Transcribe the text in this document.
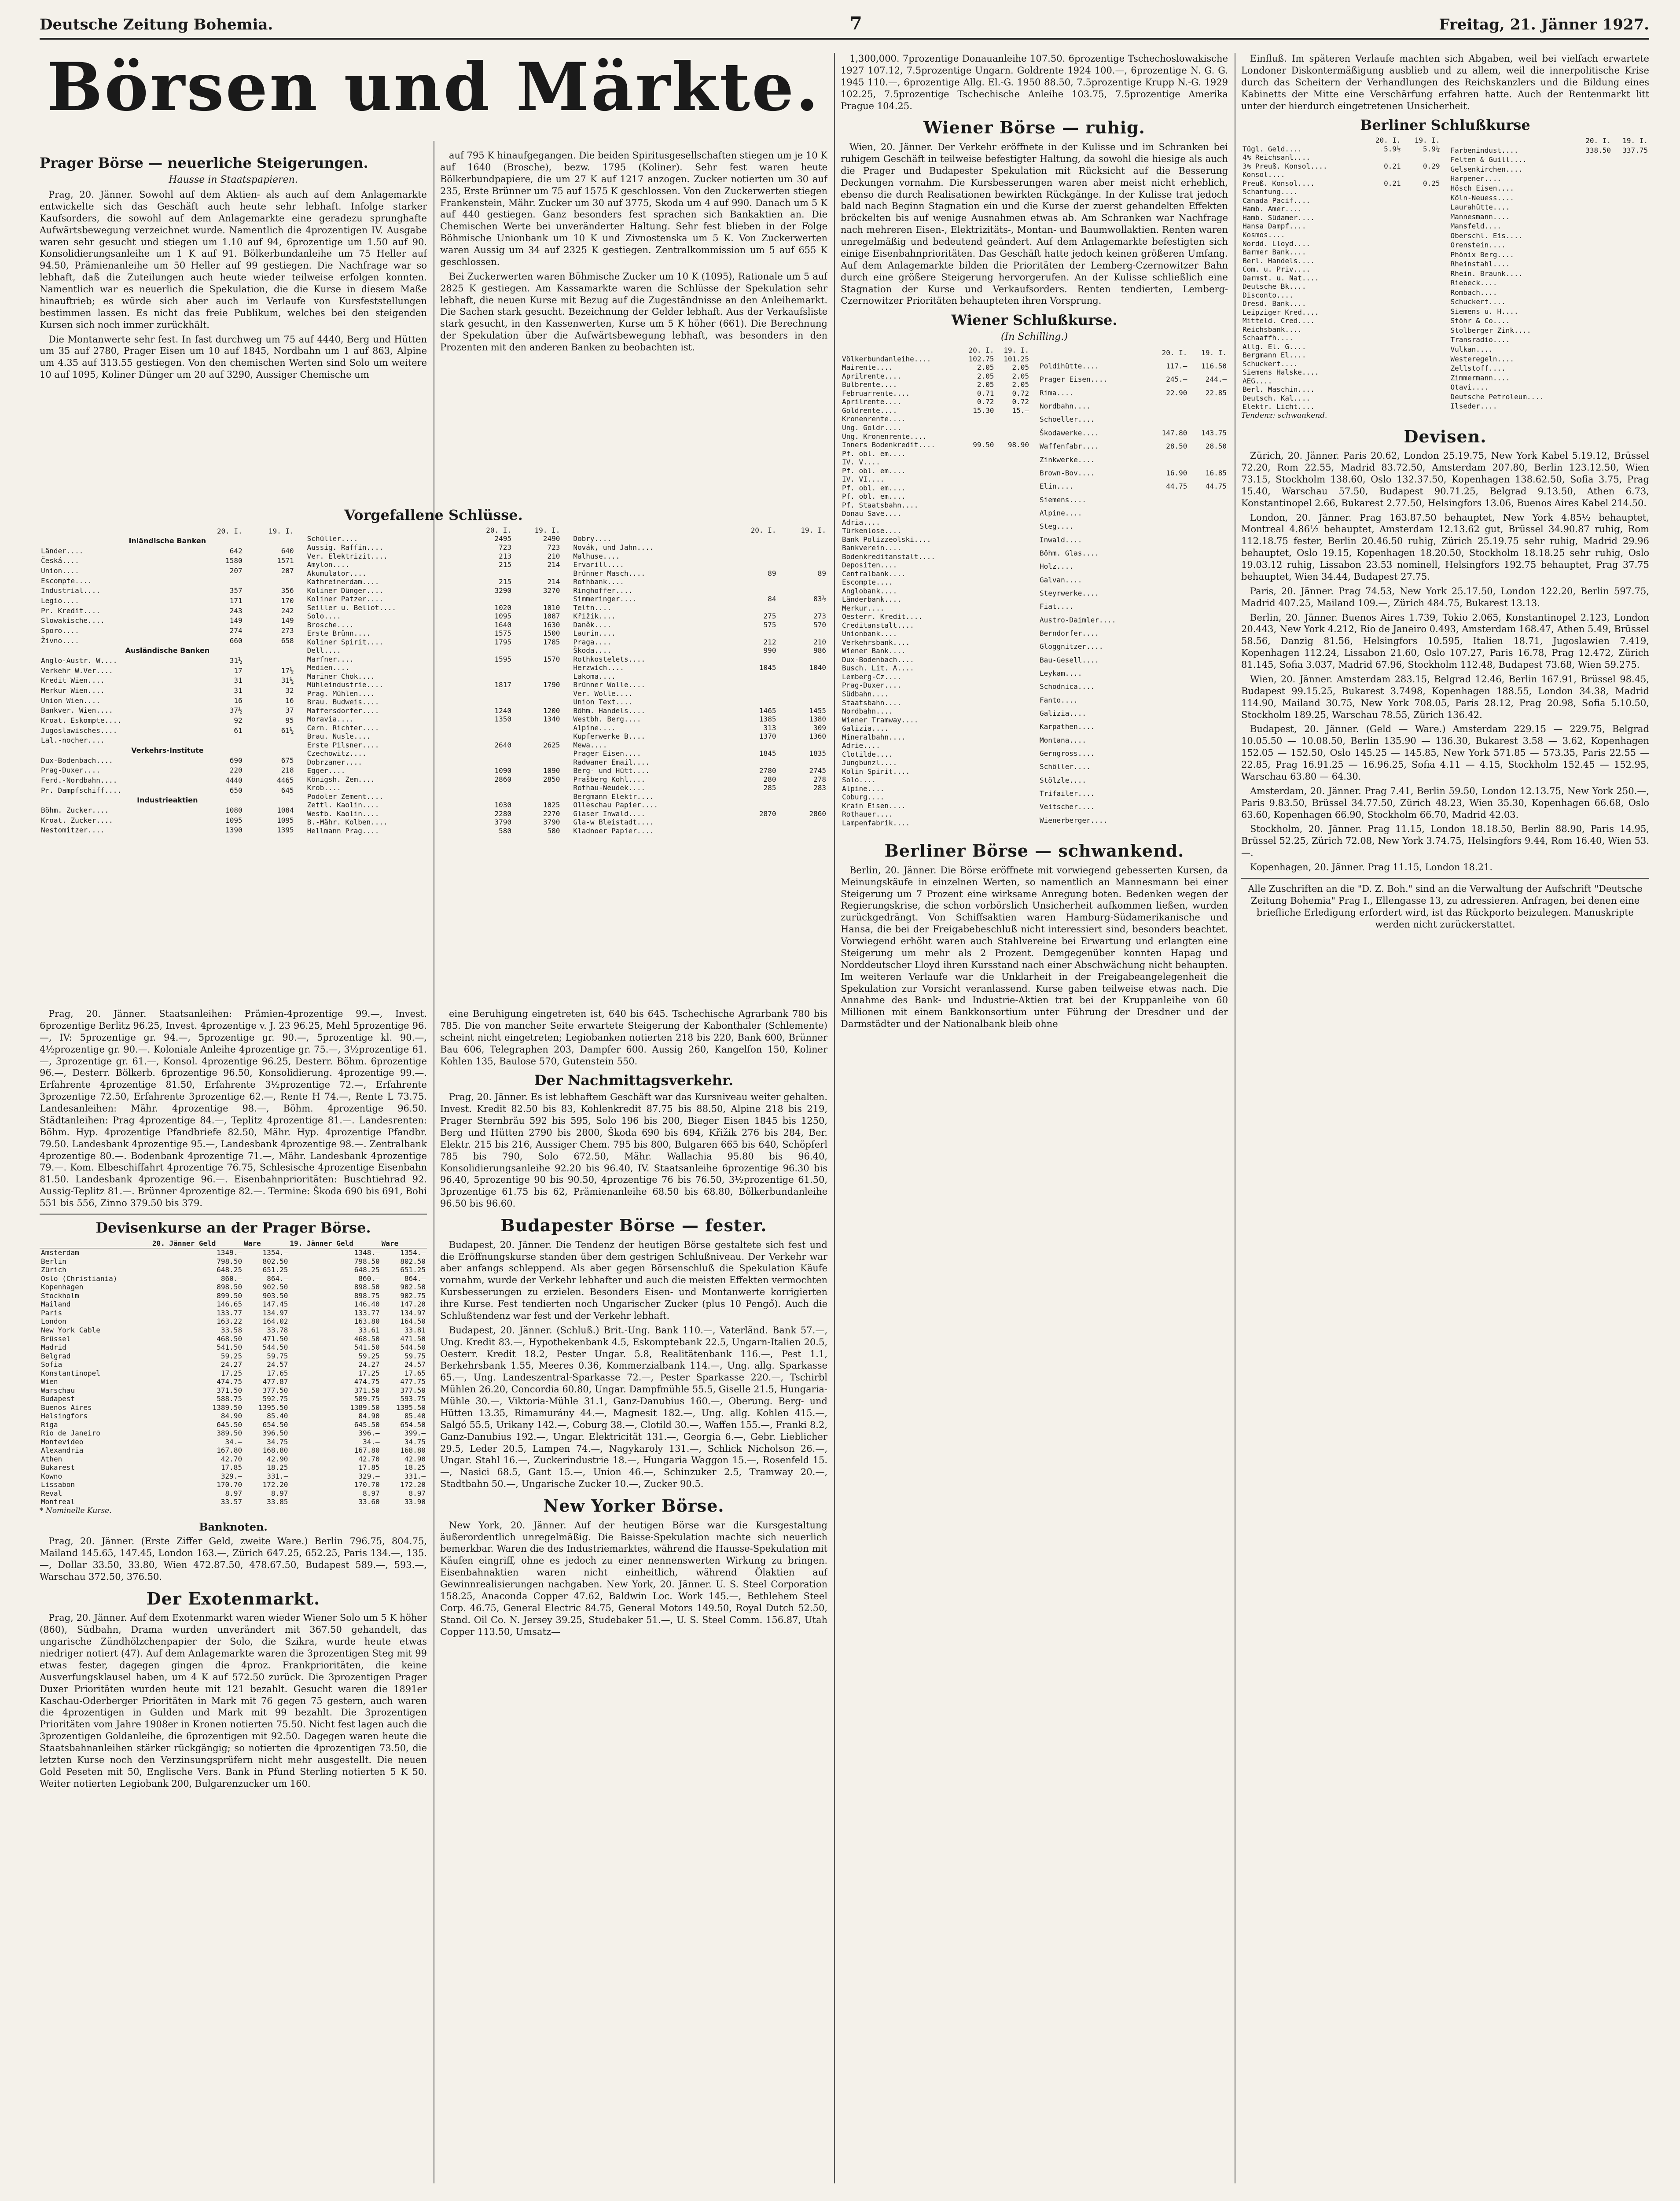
Deutsche Zeitung Bohemia.	7	Freitag, 21. Jänner 1927.
Börsen und Märkte.
Prager Börse — neuerliche Steigerungen.
Hausse in Staatspapieren.

Prag, 20. Jänner. Sowohl auf dem Aktien- als auch auf dem Anlagemarkte entwickelte sich das Geschäft auch heute sehr lebhaft. Infolge starker Kaufsorders, die sowohl auf dem Anlagemarkte eine geradezu sprunghafte Aufwärtsbewegung verzeichnet wurde. Namentlich die 4prozentigen IV. Ausgabe waren sehr gesucht und stiegen um 1.10 auf 94, 6prozentige um 1.50 auf 90. Konsolidierungsanleihe um 1 K auf 91. Bölkerbundanleihe um 75 Heller auf 94.50, Prämienanleihe um 50 Heller auf 99 gestiegen. Die Nachfrage war so lebhaft, daß die Zuteilungen auch heute wieder teilweise erfolgen konnten. Namentlich war es neuerlich die Spekulation, die die Kurse in diesem Maße hinauftrieb; es würde sich aber auch im Verlaufe von Kursfeststellungen bestimmen lassen. Es nicht das freie Publikum, welches bei den steigenden Kursen sich noch immer zurückhält.

Die Montanwerte sehr fest. In fast durchweg um 75 auf 4440, Berg und Hütten um 35 auf 2780, Prager Eisen um 10 auf 1845, Nordbahn um 1 auf 863, Alpine um 4.35 auf 313.55 gestiegen. Von den chemischen Werten sind Solo um weitere 10 auf 1095, Koliner Dünger um 20 auf 3290, Aussiger Chemische um

auf 795 K hinaufgegangen. Die beiden Spiritusgesellschaften stiegen um je 10 K auf 1640 (Brosche), bezw. 1795 (Koliner). Sehr fest waren heute Bölkerbundpapiere, die um 27 K auf 1217 anzogen. Zucker notierten um 30 auf 235, Erste Brünner um 75 auf 1575 K geschlossen. Von den Zuckerwerten stiegen Frankenstein, Mähr. Zucker um 30 auf 3775, Skoda um 4 auf 990. Danach um 5 K auf 440 gestiegen. Ganz besonders fest sprachen sich Bankaktien an. Die Chemischen Werte bei unveränderter Haltung. Sehr fest blieben in der Folge Böhmische Unionbank um 10 K und Zivnostenska um 5 K. Von Zuckerwerten waren Aussig um 34 auf 2325 K gestiegen. Zentralkommission um 5 auf 655 K geschlossen.

Bei Zuckerwerten waren Böhmische Zucker um 10 K (1095), Rationale um 5 auf 2825 K gestiegen. Am Kassamarkte waren die Schlüsse der Spekulation sehr lebhaft, die neuen Kurse mit Bezug auf die Zugeständnisse an den Anleihemarkt. Die Sachen stark gesucht. Bezeichnung der Gelder lebhaft. Aus der Verkaufsliste stark gesucht, in den Kassenwerten, Kurse um 5 K höher (661). Die Berechnung der Spekulation über die Aufwärtsbewegung lebhaft, was besonders in den Prozenten mit den anderen Banken zu beobachten ist.

Vorgefallene Schlüsse.
	20. I.	19. I.
Inländische Banken		
Länder....	642	640
Česká....	1580	1571
Union....	207	207
Escompte....		
Industrial....	357	356
Legio....	171	170
Pr. Kredit....	243	242
Slowakische....	149	149
Sporo....	274	273
Živno....	660	658
Ausländische Banken		
Anglo-Austr. W....	31½	
Verkehr W.Ver....	17	17½
Kredit Wien....	31	31½
Merkur Wien....	31	32
Union Wien....	16	16
Bankver. Wien....	37½	37
Kroat. Eskompte....	92	95
Jugoslawisches....	61	61½
Lal.-nocher....		
Verkehrs-Institute		
Dux-Bodenbach....	690	675
Prag-Duxer....	220	218
Ferd.-Nordbahn....	4440	4465
Pr. Dampfschiff....	650	645
Industrieaktien		
Böhm. Zucker....	1080	1084
Kroat. Zucker....	1095	1095
Nestomitzer....	1390	1395
	20. I.	19. I.
Schüller....	2495	2490
Aussig. Raffin....	723	723
Ver. Elektrizit....	213	210
Amylon....	215	214
Akumulator....		
Kathreinerdam....	215	214
Koliner Dünger....	3290	3270
Koliner Patzer....		
Seiller u. Bellot....	1020	1010
Solo....	1095	1087
Brosche....	1640	1630
Erste Brünn....	1575	1500
Koliner Spirit....	1795	1785
Dell....		
Marfner....	1595	1570
Medien....		
Mariner Chok....		
Mühleindustrie....	1817	1790
Prag. Mühlen....		
Brau. Budweis....		
Maffersdorfer....	1240	1200
Moravia....	1350	1340
Cern. Richter....		
Brau. Nusle....		
Erste Pilsner....	2640	2625
Czechowitz....		
Dobrzaner....		
Egger....	1090	1090
Königsh. Zem....	2860	2850
Krob....		
Podoler Zement....		
Zettl. Kaolin....	1030	1025
Westb. Kaolin....	2280	2270
B.-Mähr. Kolben....	3790	3790
Hellmann Prag....	580	580
	20. I.	19. I.
Dobry....		
Novák, und Jahn....		
Malhuse....		
Ervarill....		
Brünner Masch....	89	89
Rothbank....		
Ringhoffer....		
Simmeringer....	84	83½
Teltn....		
Křižik....	275	273
Daněk....	575	570
Laurin....		
Praga....	212	210
Škoda....	990	986
Rothkostelets....		
Herzwich....	1045	1040
Lakoma....		
Brünner Wolle....		
Ver. Wolle....		
Union Text....		
Böhm. Handels....	1465	1455
Westbh. Berg....	1385	1380
Alpine....	313	309
Kupferwerke B....	1370	1360
Mewa....		
Prager Eisen....	1845	1835
Radwaner Email....		
Berg- und Hütt....	2780	2745
Prašberg Kohl....	280	278
Rothau-Neudek....	285	283
Bergmann Elektr....		
Olleschau Papier....		
Glaser Inwald....	2870	2860
Gla-w Bleistadt....		
Kladnoer Papier....		

Prag, 20. Jänner. Staatsanleihen: Prämien-4prozentige 99.—, Invest. 6prozentige Berlitz 96.25, Invest. 4prozentige v. J. 23 96.25, Mehl 5prozentige 96.—, IV: 5prozentige gr. 94.—, 5prozentige gr. 90.—, 5prozentige kl. 90.—, 4½prozentige gr. 90.—. Koloniale Anleihe 4prozentige gr. 75.—, 3½prozentige 61.—, 3prozentige gr. 61.—, Konsol. 4prozentige 96.25, Desterr. Böhm. 6prozentige 96.—, Desterr. Bölkerb. 6prozentige 96.50, Konsolidierung. 4prozentige 99.—. Erfahrente 4prozentige 81.50, Erfahrente 3½prozentige 72.—, Erfahrente 3prozentige 72.50, Erfahrente 3prozentige 62.—, Rente H 74.—, Rente L 73.75. Landesanleihen: Mähr. 4prozentige 98.—, Böhm. 4prozentige 96.50. Städtanleihen: Prag 4prozentige 84.—, Teplitz 4prozentige 81.—. Landesrenten: Böhm. Hyp. 4prozentige Pfandbriefe 82.50, Mähr. Hyp. 4prozentige Pfandbr. 79.50. Landesbank 4prozentige 95.—, Landesbank 4prozentige 98.—. Zentralbank 4prozentige 80.—. Bodenbank 4prozentige 71.—, Mähr. Landesbank 4prozentige 79.—. Kom. Elbeschiffahrt 4prozentige 76.75, Schlesische 4prozentige Eisenbahn 81.50. Landesbank 4prozentige 96.—. Eisenbahnprioritäten: Buschtiehrad 92. Aussig-Teplitz 81.—. Brünner 4prozentige 82.—. Termine: Škoda 690 bis 691, Bohi 551 bis 556, Zinno 379.50 bis 379.

Devisenkurse an der Prager Börse.
	20. Jänner Geld	Ware	19. Jänner Geld	Ware
Amsterdam	1349.—	1354.—	1348.—	1354.—
Berlin	798.50	802.50	798.50	802.50
Zürich	648.25	651.25	648.25	651.25
Oslo (Christiania)	860.—	864.—	860.—	864.—
Kopenhagen	898.50	902.50	898.50	902.50
Stockholm	899.50	903.50	898.75	902.75
Mailand	146.65	147.45	146.40	147.20
Paris	133.77	134.97	133.77	134.97
London	163.22	164.02	163.80	164.50
New York Cable	33.58	33.78	33.61	33.81
Brüssel	468.50	471.50	468.50	471.50
Madrid	541.50	544.50	541.50	544.50
Belgrad	59.25	59.75	59.25	59.75
Sofia	24.27	24.57	24.27	24.57
Konstantinopel	17.25	17.65	17.25	17.65
Wien	474.75	477.87	474.75	477.75
Warschau	371.50	377.50	371.50	377.50
Budapest	588.75	592.75	589.75	593.75
Buenos Aires	1389.50	1395.50	1389.50	1395.50
Helsingfors	84.90	85.40	84.90	85.40
Riga	645.50	654.50	645.50	654.50
Rio de Janeiro	389.50	396.50	396.—	399.—
Montevideo	34.—	34.75	34.—	34.75
Alexandria	167.80	168.80	167.80	168.80
Athen	42.70	42.90	42.70	42.90
Bukarest	17.85	18.25	17.85	18.25
Kowno	329.—	331.—	329.—	331.—
Lissabon	170.70	172.20	170.70	172.20
Reval	8.97	8.97	8.97	8.97
Montreal	33.57	33.85	33.60	33.90
* Nominelle Kurse.
Banknoten.

Prag, 20. Jänner. (Erste Ziffer Geld, zweite Ware.) Berlin 796.75, 804.75, Mailand 145.65, 147.45, London 163.—, Zürich 647.25, 652.25, Paris 134.—, 135.—, Dollar 33.50, 33.80, Wien 472.87.50, 478.67.50, Budapest 589.—, 593.—, Warschau 372.50, 376.50.

Der Exotenmarkt.

Prag, 20. Jänner. Auf dem Exotenmarkt waren wieder Wiener Solo um 5 K höher (860), Südbahn, Drama wurden unverändert mit 367.50 gehandelt, das ungarische Zündhölzchenpapier der Solo, die Szikra, wurde heute etwas niedriger notiert (47). Auf dem Anlagemarkte waren die 3prozentigen Steg mit 99 etwas fester, dagegen gingen die 4proz. Frankprioritäten, die keine Ausverfungsklausel haben, um 4 K auf 572.50 zurück. Die 3prozentigen Prager Duxer Prioritäten wurden heute mit 121 bezahlt. Gesucht waren die 1891er Kaschau-Oderberger Prioritäten in Mark mit 76 gegen 75 gestern, auch waren die 4prozentigen in Gulden und Mark mit 99 bezahlt. Die 3prozentigen Prioritäten vom Jahre 1908er in Kronen notierten 75.50. Nicht fest lagen auch die 3prozentigen Goldanleihe, die 6prozentigen mit 92.50. Dagegen waren heute die Staatsbahnanleihen stärker rückgängig; so notierten die 4prozentigen 73.50, die letzten Kurse noch den Verzinsungsprüfern nicht mehr ausgestellt. Die neuen Gold Peseten mit 50, Englische Vers. Bank in Pfund Sterling notierten 5 K 50. Weiter notierten Legiobank 200, Bulgarenzucker um 160.

eine Beruhigung eingetreten ist, 640 bis 645. Tschechische Agrarbank 780 bis 785. Die von mancher Seite erwartete Steigerung der Kabonthaler (Schlemente) scheint nicht eingetreten; Legiobanken notierten 218 bis 220, Bank 600, Brünner Bau 606, Telegraphen 203, Dampfer 600. Aussig 260, Kangelfon 150, Koliner Kohlen 135, Baulose 570, Gutenstein 550.

Der Nachmittagsverkehr.

Prag, 20. Jänner. Es ist lebhaftem Geschäft war das Kursniveau weiter gehalten. Invest. Kredit 82.50 bis 83, Kohlenkredit 87.75 bis 88.50, Alpine 218 bis 219, Prager Sternbräu 592 bis 595, Solo 196 bis 200, Bieger Eisen 1845 bis 1250, Berg und Hütten 2790 bis 2800, Škoda 690 bis 694, Křižik 276 bis 284, Ber. Elektr. 215 bis 216, Aussiger Chem. 795 bis 800, Bulgaren 665 bis 640, Schöpferl 785 bis 790, Solo 672.50, Mähr. Wallachia 95.80 bis 96.40, Konsolidierungsanleihe 92.20 bis 96.40, IV. Staatsanleihe 6prozentige 96.30 bis 96.40, 5prozentige 90 bis 90.50, 4prozentige 76 bis 76.50, 3½prozentige 61.50, 3prozentige 61.75 bis 62, Prämienanleihe 68.50 bis 68.80, Bölkerbundanleihe 96.50 bis 96.60.

Budapester Börse — fester.

Budapest, 20. Jänner. Die Tendenz der heutigen Börse gestaltete sich fest und die Eröffnungskurse standen über dem gestrigen Schlußniveau. Der Verkehr war aber anfangs schleppend. Als aber gegen Börsenschluß die Spekulation Käufe vornahm, wurde der Verkehr lebhafter und auch die meisten Effekten vermochten Kursbesserungen zu erzielen. Besonders Eisen- und Montanwerte korrigierten ihre Kurse. Fest tendierten noch Ungarischer Zucker (plus 10 Pengő). Auch die Schlußtendenz war fest und der Verkehr lebhaft.

Budapest, 20. Jänner. (Schluß.) Brit.-Ung. Bank 110.—, Vaterländ. Bank 57.—, Ung. Kredit 83.—, Hypothekenbank 4.5, Eskomptebank 22.5, Ungarn-Italien 20.5, Oesterr. Kredit 18.2, Pester Ungar. 5.8, Realitätenbank 116.—, Pest 1.1, Berkehrsbank 1.55, Meeres 0.36, Kommerzialbank 114.—, Ung. allg. Sparkasse 65.—, Ung. Landeszentral-Sparkasse 72.—, Pester Sparkasse 220.—, Tschirbl Mühlen 26.20, Concordia 60.80, Ungar. Dampfmühle 55.5, Giselle 21.5, Hungaria-Mühle 30.—, Viktoria-Mühle 31.1, Ganz-Danubius 160.—, Oberung. Berg- und Hütten 13.35, Rimamurány 44.—, Magnesit 182.—, Ung. allg. Kohlen 415.—, Salgó 55.5, Urikany 142.—, Coburg 38.—, Clotild 30.—, Waffen 155.—, Franki 8.2, Ganz-Danubius 192.—, Ungar. Elektricität 131.—, Georgia 6.—, Gebr. Lieblicher 29.5, Leder 20.5, Lampen 74.—, Nagykaroly 131.—, Schlick Nicholson 26.—, Ungar. Stahl 16.—, Zuckerindustrie 18.—, Hungaria Waggon 15.—, Rosenfeld 15.—, Nasici 68.5, Gant 15.—, Union 46.—, Schinzuker 2.5, Tramway 20.—, Stadtbahn 50.—, Ungarische Zucker 10.—, Zucker 90.5.

New Yorker Börse.

New York, 20. Jänner. Auf der heutigen Börse war die Kursgestaltung äußerordentlich unregelmäßig. Die Baisse-Spekulation machte sich neuerlich bemerkbar. Waren die des Industriemarktes, während die Hausse-Spekulation mit Käufen eingriff, ohne es jedoch zu einer nennenswerten Wirkung zu bringen. Eisenbahnaktien waren nicht einheitlich, während Ölaktien auf Gewinnrealisierungen nachgaben. New York, 20. Jänner. U. S. Steel Corporation 158.25, Anaconda Copper 47.62, Baldwin Loc. Work 145.—, Bethlehem Steel Corp. 46.75, General Electric 84.75, General Motors 149.50, Royal Dutch 52.50, Stand. Oil Co. N. Jersey 39.25, Studebaker 51.—, U. S. Steel Comm. 156.87, Utah Copper 113.50, Umsatz—

1,300,000. 7prozentige Donauanleihe 107.50. 6prozentige Tschechoslowakische 1927 107.12, 7.5prozentige Ungarn. Goldrente 1924 100.—, 6prozentige N. G. G. 1945 110.—, 6prozentige Allg. El.-G. 1950 88.50, 7.5prozentige Krupp N.-G. 1929 102.25, 7.5prozentige Tschechische Anleihe 103.75, 7.5prozentige Amerika Prague 104.25.

Wiener Börse — ruhig.

Wien, 20. Jänner. Der Verkehr eröffnete in der Kulisse und im Schranken bei ruhigem Geschäft in teilweise befestigter Haltung, da sowohl die hiesige als auch die Prager und Budapester Spekulation mit Rücksicht auf die Besserung Deckungen vornahm. Die Kursbesserungen waren aber meist nicht erheblich, ebenso die durch Realisationen bewirkten Rückgänge. In der Kulisse trat jedoch bald nach Beginn Stagnation ein und die Kurse der zuerst gehandelten Effekten bröckelten bis auf wenige Ausnahmen etwas ab. Am Schranken war Nachfrage nach mehreren Eisen-, Elektrizitäts-, Montan- und Baumwollaktien. Renten waren unregelmäßig und bedeutend geändert. Auf dem Anlagemarkte befestigten sich einige Eisenbahnprioritäten. Das Geschäft hatte jedoch keinen größeren Umfang. Auf dem Anlagemarkte bilden die Prioritäten der Lemberg-Czernowitzer Bahn durch eine größere Steigerung hervorgerufen. An der Kulisse schließlich eine Stagnation der Kurse und Verkaufsorders. Renten tendierten, Lemberg-Czernowitzer Prioritäten behaupteten ihren Vorsprung.

Wiener Schlußkurse.
(In Schilling.)
	20. I.	19. I.
Völkerbundanleihe....	102.75	101.25
Mairente....	2.05	2.05
Aprilrente....	2.05	2.05
Bulbrente....	2.05	2.05
Februarrente....	0.71	0.72
Aprilrente....	0.72	0.72
Goldrente....	15.30	15.—
Kronenrente....		
Ung. Goldr....		
Ung. Kronenrente....		
Inners Bodenkredit....	99.50	98.90
Pf. obl. em....		
IV. V....		
Pf. obl. em....		
IV. VI....		
Pf. obl. em....		
Pf. obl. em....		
Pf. Staatsbahn....		
Donau Save....		
Adria....		
Türkenlose....		
Bank Polizzeolski....		
Bankverein....		
Bodenkreditanstalt....		
Depositen....		
Centralbank....		
Escompte....		
Anglobank....		
Länderbank....		
Merkur....		
Oesterr. Kredit....		
Creditanstalt....		
Unionbank....		
Verkehrsbank....		
Wiener Bank....		
Dux-Bodenbach....		
Busch. Lit. A....		
Lemberg-Cz....		
Prag-Duxer....		
Südbahn....		
Staatsbahn....		
Nordbahn....		
Wiener Tramway....		
Galizia....		
Mineralbahn....		
Adrie....		
Clotilde....		
Jungbunzl....		
Kolin Spirit....		
Solo....		
Alpine....		
Coburg....		
Krain Eisen....		
Rothauer....		
Lampenfabrik....		
	20. I.	19. I.
Poldihütte....	117.—	116.50
Prager Eisen....	245.—	244.—
Rima....	22.90	22.85
Nordbahn....		
Schoeller....		
Škodawerke....	147.80	143.75
Waffenfabr....	28.50	28.50
Zinkwerke....		
Brown-Bov....	16.90	16.85
Elin....	44.75	44.75
Siemens....		
Alpine....		
Steg....		
Inwald....		
Böhm. Glas....		
Holz....		
Galvan....		
Steyrwerke....		
Fiat....		
Austro-Daimler....		
Berndorfer....		
Gloggnitzer....		
Bau-Gesell....		
Leykam....		
Schodnica....		
Fanto....		
Galizia....		
Karpathen....		
Montana....		
Gerngross....		
Schöller....		
Stölzle....		
Trifailer....		
Veitscher....		
Wienerberger....		
Berliner Börse — schwankend.

Berlin, 20. Jänner. Die Börse eröffnete mit vorwiegend gebesserten Kursen, da Meinungskäufe in einzelnen Werten, so namentlich an Mannesmann bei einer Steigerung um 7 Prozent eine wirksame Anregung boten. Bedenken wegen der Regierungskrise, die schon vorbörslich Unsicherheit aufkommen ließen, wurden zurückgedrängt. Von Schiffsaktien waren Hamburg-Südamerikanische und Hansa, die bei der Freigabebeschluß nicht interessiert sind, besonders beachtet. Vorwiegend erhöht waren auch Stahlvereine bei Erwartung und erlangten eine Steigerung um mehr als 2 Prozent. Demgegenüber konnten Hapag und Norddeutscher Lloyd ihren Kursstand nach einer Abschwächung nicht behaupten. Im weiteren Verlaufe war die Unklarheit in der Freigabeangelegenheit die Spekulation zur Vorsicht veranlassend. Kurse gaben teilweise etwas nach. Die Annahme des Bank- und Industrie-Aktien trat bei der Kruppanleihe von 60 Millionen mit einem Bankkonsortium unter Führung der Dresdner und der Darmstädter und der Nationalbank bleib ohne

Einfluß. Im späteren Verlaufe machten sich Abgaben, weil bei vielfach erwartete Londoner Diskontermäßigung ausblieb und zu allem, weil die innerpolitische Krise durch das Scheitern der Verhandlungen des Reichskanzlers und die Bildung eines Kabinetts der Mitte eine Verschärfung erfahren hatte. Auch der Rentenmarkt litt unter der hierdurch eingetretenen Unsicherheit.

Berliner Schlußkurse
	20. I.	19. I.
Tügl. Geld....	5.9½	5.9¼
4% Reichsanl....		
3% Preuß. Konsol....	0.21	0.29
Konsol....		
Preuß. Konsol....	0.21	0.25
Schantung....		
Canada Pacif....		
Hamb. Amer....		
Hamb. Südamer....		
Hansa Dampf....		
Kosmos....		
Nordd. Lloyd....		
Barmer Bank....		
Berl. Handels....		
Com. u. Priv....		
Darmst. u. Nat....		
Deutsche Bk....		
Disconto....		
Dresd. Bank....		
Leipziger Kred....		
Mitteld. Cred....		
Reichsbank....		
Schaaffh....		
Allg. El. G....		
Bergmann El....		
Schuckert....		
Siemens Halske....		
AEG....		
Berl. Maschin....		
Deutsch. Kal....		
Elektr. Licht....		
	20. I.	19. I.
Farbenindust....	338.50	337.75
Felten & Guill....		
Gelsenkirchen....		
Harpener....		
Hösch Eisen....		
Köln-Neuess....		
Laurahütte....		
Mannesmann....		
Mansfeld....		
Oberschl. Eis....		
Orenstein....		
Phönix Berg....		
Rheinstahl....		
Rhein. Braunk....		
Riebeck....		
Rombach....		
Schuckert....		
Siemens u. H....		
Stöhr & Co....		
Stolberger Zink....		
Transradio....		
Vulkan....		
Westeregeln....		
Zellstoff....		
Zimmermann....		
Otavi....		
Deutsche Petroleum....		
Ilseder....		
Tendenz: schwankend.
Devisen.

Zürich, 20. Jänner. Paris 20.62, London 25.19.75, New York Kabel 5.19.12, Brüssel 72.20, Rom 22.55, Madrid 83.72.50, Amsterdam 207.80, Berlin 123.12.50, Wien 73.15, Stockholm 138.60, Oslo 132.37.50, Kopenhagen 138.62.50, Sofia 3.75, Prag 15.40, Warschau 57.50, Budapest 90.71.25, Belgrad 9.13.50, Athen 6.73, Konstantinopel 2.66, Bukarest 2.77.50, Helsingfors 13.06, Buenos Aires Kabel 214.50.

London, 20. Jänner. Prag 163.87.50 behauptet, New York 4.85½ behauptet, Montreal 4.86½ behauptet, Amsterdam 12.13.62 gut, Brüssel 34.90.87 ruhig, Rom 112.18.75 fester, Berlin 20.46.50 ruhig, Zürich 25.19.75 sehr ruhig, Madrid 29.96 behauptet, Oslo 19.15, Kopenhagen 18.20.50, Stockholm 18.18.25 sehr ruhig, Oslo 19.03.12 ruhig, Lissabon 23.53 nominell, Helsingfors 192.75 behauptet, Prag 37.75 behauptet, Wien 34.44, Budapest 27.75.

Paris, 20. Jänner. Prag 74.53, New York 25.17.50, London 122.20, Berlin 597.75, Madrid 407.25, Mailand 109.—, Zürich 484.75, Bukarest 13.13.

Berlin, 20. Jänner. Buenos Aires 1.739, Tokio 2.065, Konstantinopel 2.123, London 20.443, New York 4.212, Rio de Janeiro 0.493, Amsterdam 168.47, Athen 5.49, Brüssel 58.56, Danzig 81.56, Helsingfors 10.595, Italien 18.71, Jugoslawien 7.419, Kopenhagen 112.24, Lissabon 21.60, Oslo 107.27, Paris 16.78, Prag 12.472, Zürich 81.145, Sofia 3.037, Madrid 67.96, Stockholm 112.48, Budapest 73.68, Wien 59.275.

Wien, 20. Jänner. Amsterdam 283.15, Belgrad 12.46, Berlin 167.91, Brüssel 98.45, Budapest 99.15.25, Bukarest 3.7498, Kopenhagen 188.55, London 34.38, Madrid 114.90, Mailand 30.75, New York 708.05, Paris 28.12, Prag 20.98, Sofia 5.10.50, Stockholm 189.25, Warschau 78.55, Zürich 136.42.

Budapest, 20. Jänner. (Geld — Ware.) Amsterdam 229.15 — 229.75, Belgrad 10.05.50 — 10.08.50, Berlin 135.90 — 136.30, Bukarest 3.58 — 3.62, Kopenhagen 152.05 — 152.50, Oslo 145.25 — 145.85, New York 571.85 — 573.35, Paris 22.55 — 22.85, Prag 16.91.25 — 16.96.25, Sofia 4.11 — 4.15, Stockholm 152.45 — 152.95, Warschau 63.80 — 64.30.

Amsterdam, 20. Jänner. Prag 7.41, Berlin 59.50, London 12.13.75, New York 250.—, Paris 9.83.50, Brüssel 34.77.50, Zürich 48.23, Wien 35.30, Kopenhagen 66.68, Oslo 63.60, Kopenhagen 66.90, Stockholm 66.70, Madrid 42.03.

Stockholm, 20. Jänner. Prag 11.15, London 18.18.50, Berlin 88.90, Paris 14.95, Brüssel 52.25, Zürich 72.08, New York 3.74.75, Helsingfors 9.44, Rom 16.40, Wien 53.—.

Kopenhagen, 20. Jänner. Prag 11.15, London 18.21.

Alle Zuschriften an die "D. Z. Boh." sind an die Verwaltung der Aufschrift "Deutsche Zeitung Bohemia" Prag I., Ellengasse 13, zu adressieren. Anfragen, bei denen eine briefliche Erledigung erfordert wird, ist das Rückporto beizulegen. Manuskripte werden nicht zurückerstattet.
